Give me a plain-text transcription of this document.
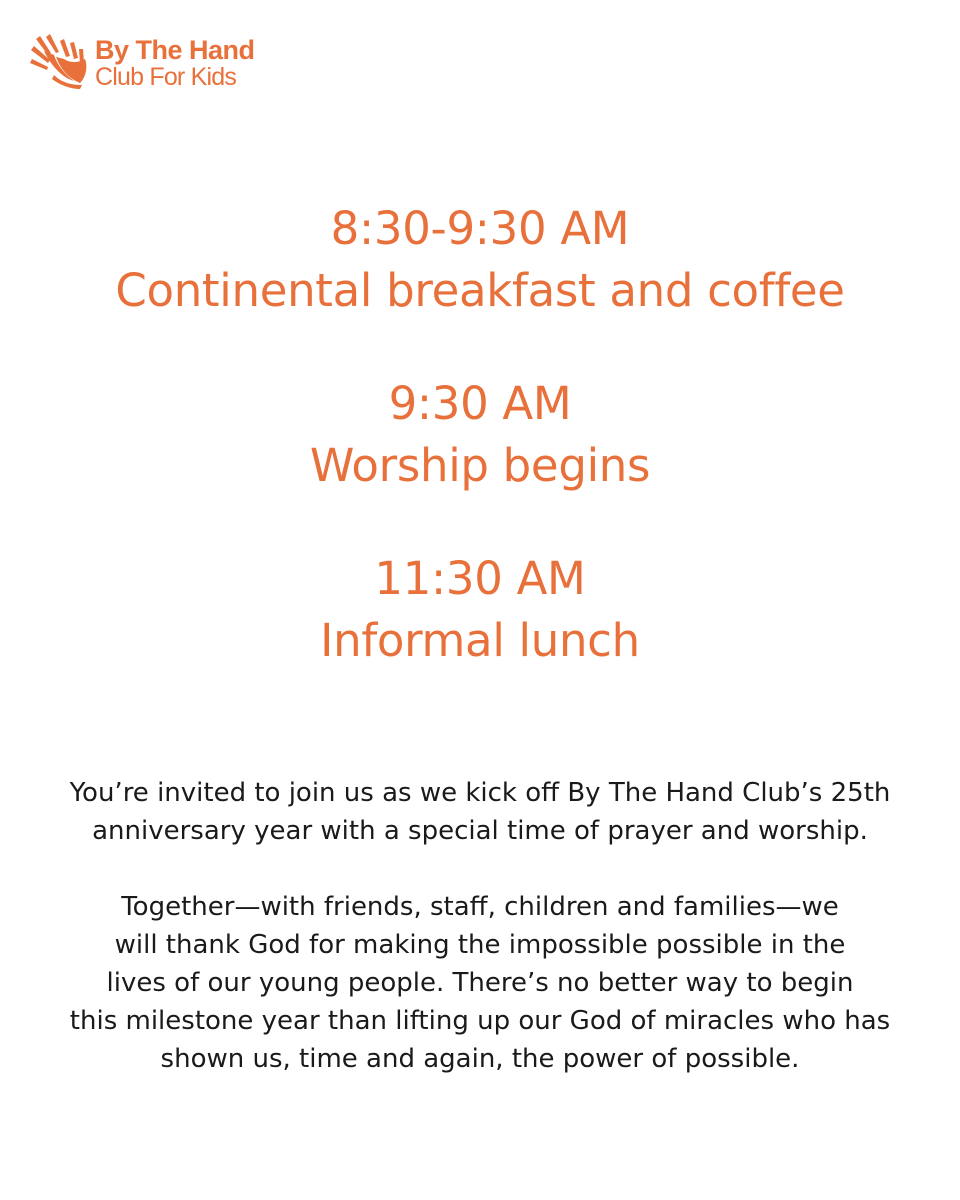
By The Hand
Club For Kids
8:30-9:30 AM
Continental breakfast and coffee
9:30 AM
Worship begins
11:30 AM
Informal lunch

You’re invited to join us as we kick off By The Hand Club’s 25th
anniversary year with a special time of prayer and worship.

Together—with friends, staff, children and families—we
will thank God for making the impossible possible in the
lives of our young people. There’s no better way to begin
this milestone year than lifting up our God of miracles who has
shown us, time and again, the power of possible.
